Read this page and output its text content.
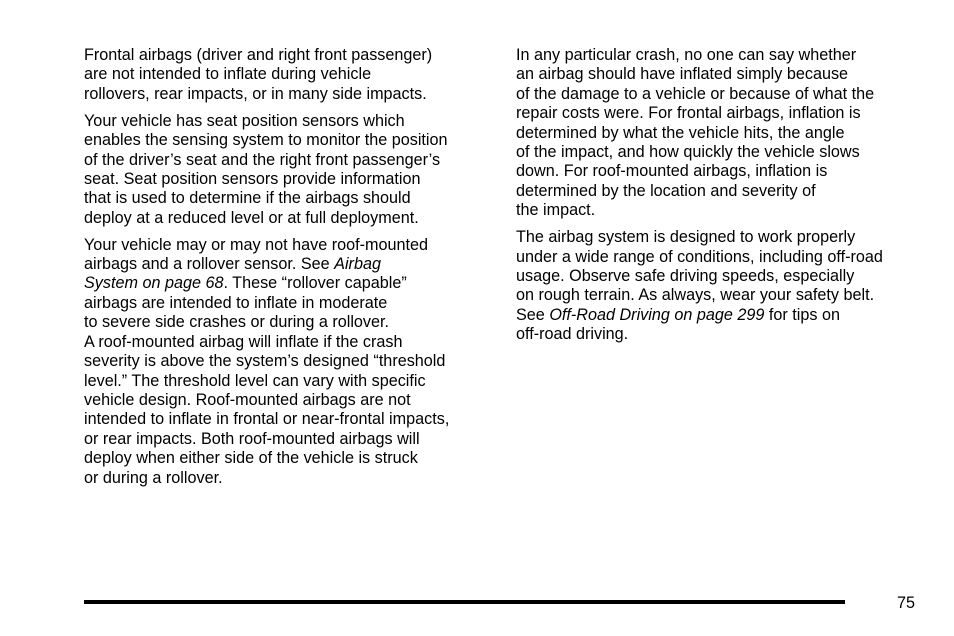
Frontal airbags (driver and right front passenger)
are not intended to inflate during vehicle
rollovers, rear impacts, or in many side impacts.

Your vehicle has seat position sensors which
enables the sensing system to monitor the position
of the driver’s seat and the right front passenger’s
seat. Seat position sensors provide information
that is used to determine if the airbags should
deploy at a reduced level or at full deployment.

Your vehicle may or may not have roof-mounted
airbags and a rollover sensor. See Airbag
System on page 68. These “rollover capable”
airbags are intended to inflate in moderate
to severe side crashes or during a rollover.
A roof-mounted airbag will inflate if the crash
severity is above the system’s designed “threshold
level.” The threshold level can vary with specific
vehicle design. Roof-mounted airbags are not
intended to inflate in frontal or near-frontal impacts,
or rear impacts. Both roof-mounted airbags will
deploy when either side of the vehicle is struck
or during a rollover.

In any particular crash, no one can say whether
an airbag should have inflated simply because
of the damage to a vehicle or because of what the
repair costs were. For frontal airbags, inflation is
determined by what the vehicle hits, the angle
of the impact, and how quickly the vehicle slows
down. For roof-mounted airbags, inflation is
determined by the location and severity of
the impact.

The airbag system is designed to work properly
under a wide range of conditions, including off-road
usage. Observe safe driving speeds, especially
on rough terrain. As always, wear your safety belt.
See Off-Road Driving on page 299 for tips on
off-road driving.

75
